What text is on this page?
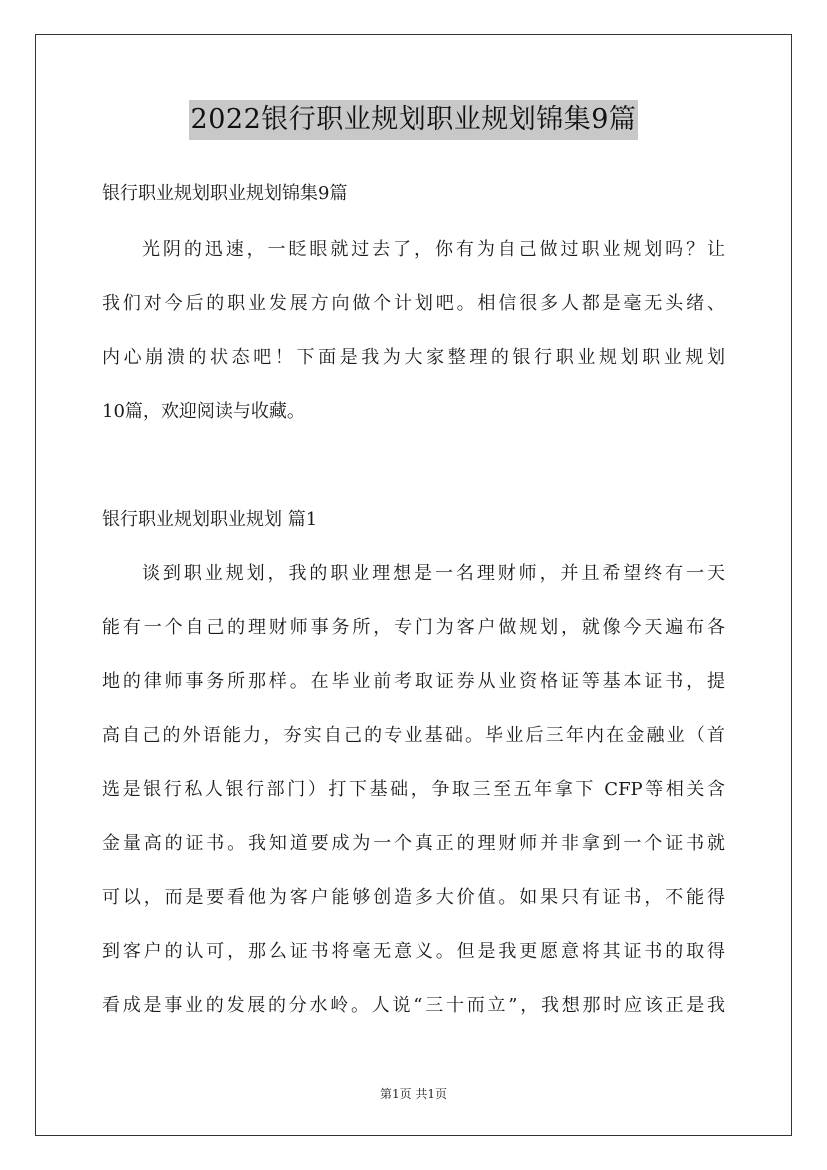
2022银行职业规划职业规划锦集9篇
银行职业规划职业规划锦集9篇
光阴的迅速，一眨眼就过去了，你有为自己做过职业规划吗？让
我们对今后的职业发展方向做个计划吧。相信很多人都是毫无头绪、
内心崩溃的状态吧！下面是我为大家整理的银行职业规划职业规划
10篇，欢迎阅读与收藏。
银行职业规划职业规划 篇1
谈到职业规划，我的职业理想是一名理财师，并且希望终有一天
能有一个自己的理财师事务所，专门为客户做规划，就像今天遍布各
地的律师事务所那样。在毕业前考取证券从业资格证等基本证书，提
高自己的外语能力，夯实自己的专业基础。毕业后三年内在金融业（首
选是银行私人银行部门）打下基础，争取三至五年拿下 CFP等相关含
金量高的证书。我知道要成为一个真正的理财师并非拿到一个证书就
可以，而是要看他为客户能够创造多大价值。如果只有证书，不能得
到客户的认可，那么证书将毫无意义。但是我更愿意将其证书的取得
看成是事业的发展的分水岭。人说“三十而立”，我想那时应该正是我
第1页 共1页
